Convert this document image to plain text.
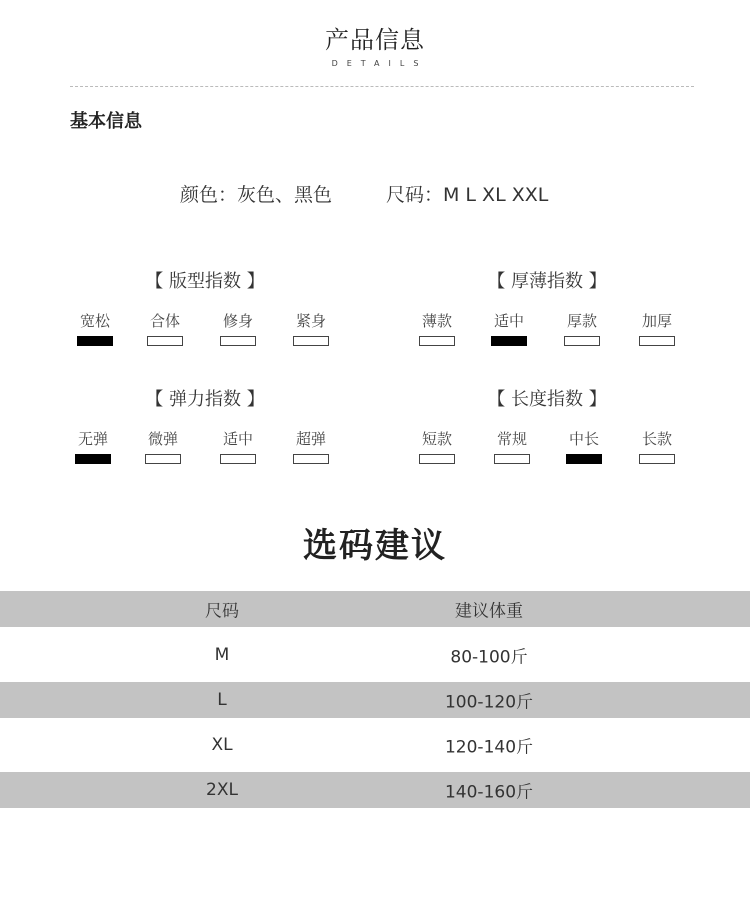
产品信息
DETAILS
基本信息
颜色：灰色、黑色	尺码：M L XL XXL
【 版型指数 】
宽松	合体	修身	紧身
【 厚薄指数 】
薄款	适中	厚款	加厚
【 弹力指数 】
无弹	微弹	适中	超弹
【 长度指数 】
短款	常规	中长	长款
选码建议
尺码	建议体重
M	80-100斤
L	100-120斤
XL	120-140斤
2XL	140-160斤
